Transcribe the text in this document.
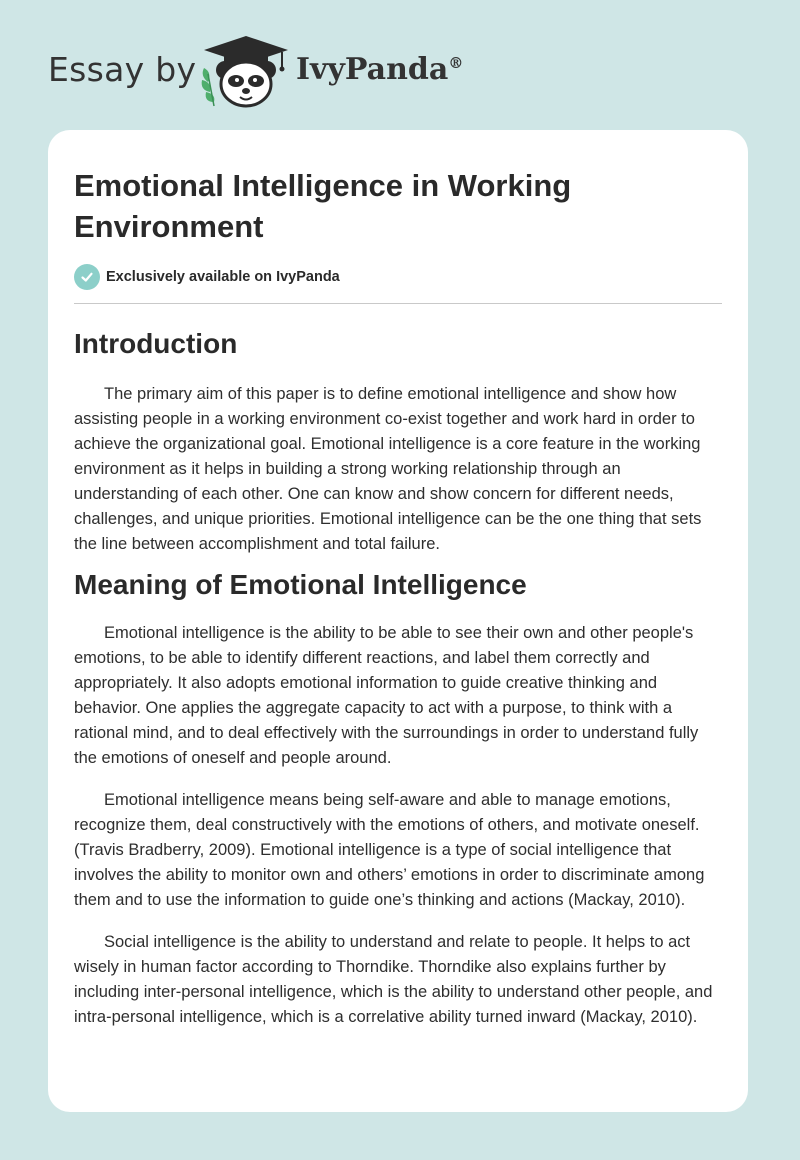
Essay by	IvyPanda®
Emotional Intelligence in Working Environment
Exclusively available on IvyPanda
Introduction

The primary aim of this paper is to define emotional intelligence and show how assisting people in a working environment co-exist together and work hard in order to achieve the organizational goal. Emotional intelligence is a core feature in the working environment as it helps in building a strong working relationship through an understanding of each other. One can know and show concern for different needs, challenges, and unique priorities. Emotional intelligence can be the one thing that sets the line between accomplishment and total failure.

Meaning of Emotional Intelligence

Emotional intelligence is the ability to be able to see their own and other people's emotions, to be able to identify different reactions, and label them correctly and appropriately. It also adopts emotional information to guide creative thinking and behavior. One applies the aggregate capacity to act with a purpose, to think with a rational mind, and to deal effectively with the surroundings in order to understand fully the emotions of oneself and people around.

Emotional intelligence means being self-aware and able to manage emotions, recognize them, deal constructively with the emotions of others, and motivate oneself. (Travis Bradberry, 2009). Emotional intelligence is a type of social intelligence that involves the ability to monitor own and others’ emotions in order to discriminate among them and to use the information to guide one’s thinking and actions (Mackay, 2010).

Social intelligence is the ability to understand and relate to people. It helps to act wisely in human factor according to Thorndike. Thorndike also explains further by including inter-personal intelligence, which is the ability to understand other people, and intra-personal intelligence, which is a correlative ability turned inward (Mackay, 2010).
